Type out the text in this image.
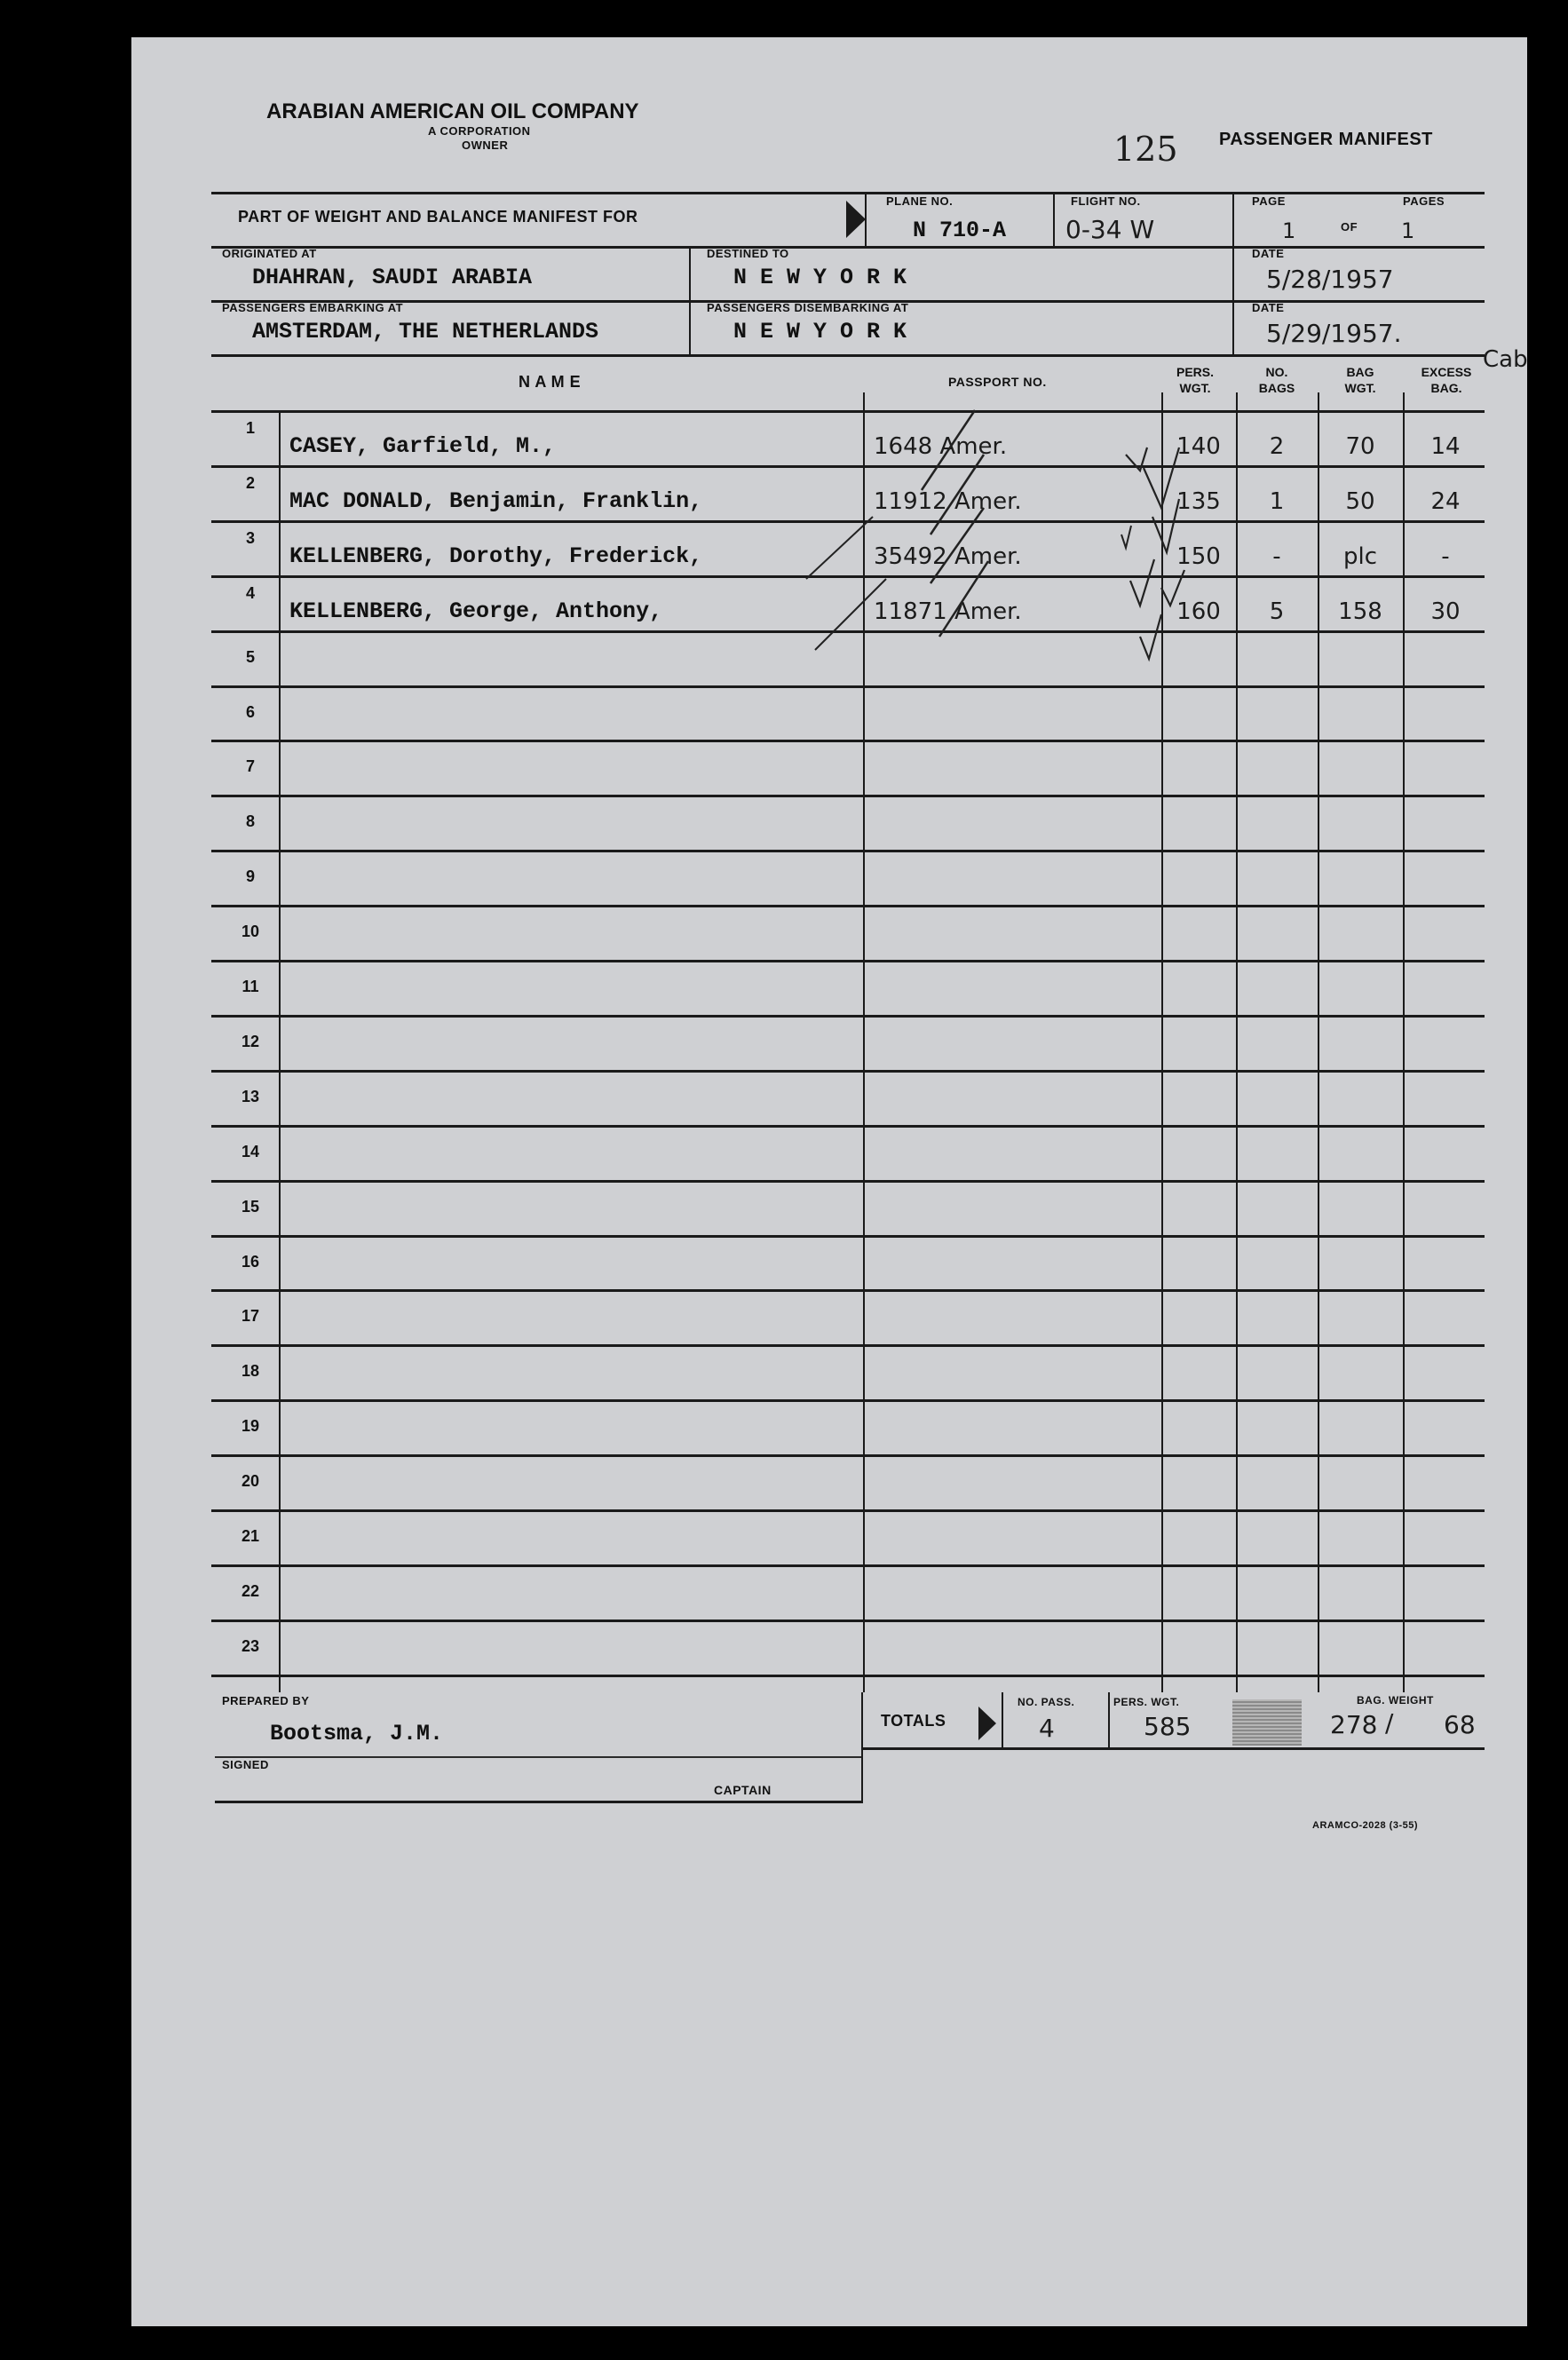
ARABIAN AMERICAN OIL COMPANY
A CORPORATION
OWNER	125 PASSENGER MANIFEST
PART OF WEIGHT AND BALANCE MANIFEST FOR
PLANE NO.
N 710-A
FLIGHT NO.
0-34 W
PAGE	PAGES
1	OF 1
ORIGINATED AT
DHAHRAN, SAUDI ARABIA
DESTINED TO
N E W Y O R K
DATE
5/28/1957
PASSENGERS EMBARKING AT
AMSTERDAM, THE NETHERLANDS
PASSENGERS DISEMBARKING AT
N E W Y O R K
DATE
5/29/1957.
Cab
N A M E	PASSPORT NO.
PERS.
WGT.
NO.
BAGS
BAG
WGT.
EXCESS
BAG.
1
CASEY, Garfield, M.,	1648 Amer.	140	2	70	14
2
MAC DONALD, Benjamin, Franklin,	11912 Amer.	135	1	50	24
3
KELLENBERG, Dorothy, Frederick,	35492 Amer.	150	-	plc	-
4
KELLENBERG, George, Anthony,	11871 Amer.	160	5	158	30
5
6
7
8
9
10
11
12
13
14
15
16
17
18
19
20
21
22
23
PREPARED BY
Bootsma, J.M.
SIGNED
CAPTAIN
TOTALS
NO. PASS.
4
PERS. WGT.
585
BAG. WEIGHT
278 / 68
ARAMCO-2028 (3-55)
